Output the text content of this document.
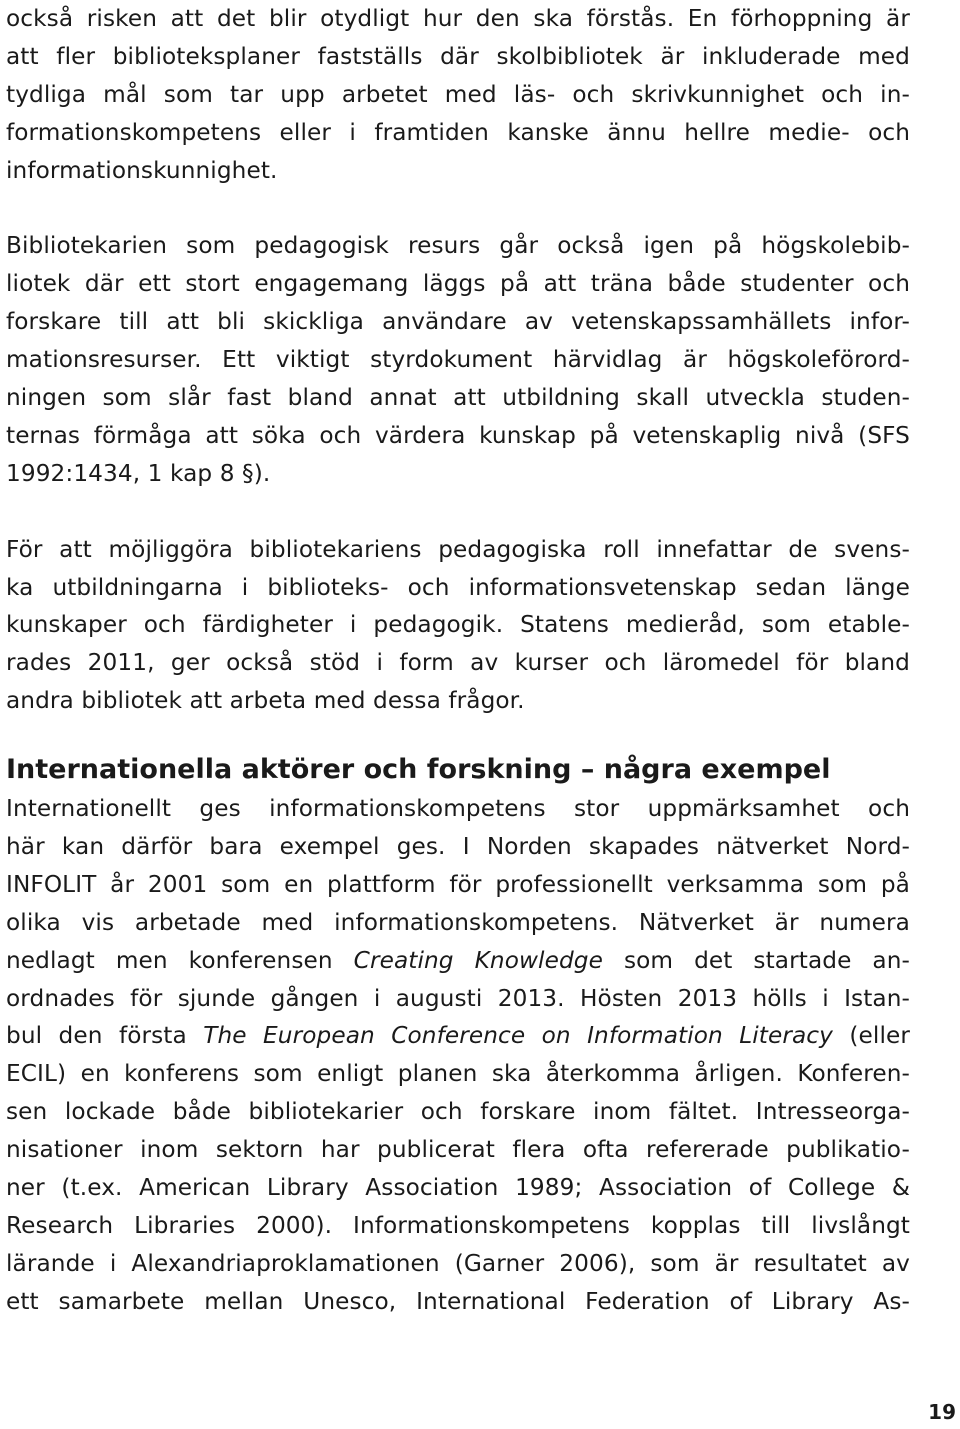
också risken att det blir otydligt hur den ska förstås. En förhoppning är
att fler biblioteksplaner fastställs där skolbibliotek är inkluderade med
tydliga mål som tar upp arbetet med läs- och skrivkunnighet och in-
formationskompetens eller i framtiden kanske ännu hellre medie- och
informationskunnighet.
Bibliotekarien som pedagogisk resurs går också igen på högskolebib-
liotek där ett stort engagemang läggs på att träna både studenter och
forskare till att bli skickliga användare av vetenskapssamhällets infor-
mationsresurser. Ett viktigt styrdokument härvidlag är högskoleförord-
ningen som slår fast bland annat att utbildning skall utveckla studen-
ternas förmåga att söka och värdera kunskap på vetenskaplig nivå (SFS
1992:1434, 1 kap 8 §).
För att möjliggöra bibliotekariens pedagogiska roll innefattar de svens-
ka utbildningarna i biblioteks- och informationsvetenskap sedan länge
kunskaper och färdigheter i pedagogik. Statens medieråd, som etable-
rades 2011, ger också stöd i form av kurser och läromedel för bland
andra bibliotek att arbeta med dessa frågor.
Internationella aktörer och forskning – några exempel
Internationellt ges informationskompetens stor uppmärksamhet och
här kan därför bara exempel ges. I Norden skapades nätverket Nord-
INFOLIT år 2001 som en plattform för professionellt verksamma som på
olika vis arbetade med informationskompetens. Nätverket är numera
nedlagt men konferensen Creating Knowledge som det startade an-
ordnades för sjunde gången i augusti 2013. Hösten 2013 hölls i Istan-
bul den första The European Conference on Information Literacy (eller
ECIL) en konferens som enligt planen ska återkomma årligen. Konferen-
sen lockade både bibliotekarier och forskare inom fältet. Intresseorga-
nisationer inom sektorn har publicerat flera ofta refererade publikatio-
ner (t.ex. American Library Association 1989; Association of College &
Research Libraries 2000). Informationskompetens kopplas till livslångt
lärande i Alexandriaproklamationen (Garner 2006), som är resultatet av
ett samarbete mellan Unesco, International Federation of Library As-
19
